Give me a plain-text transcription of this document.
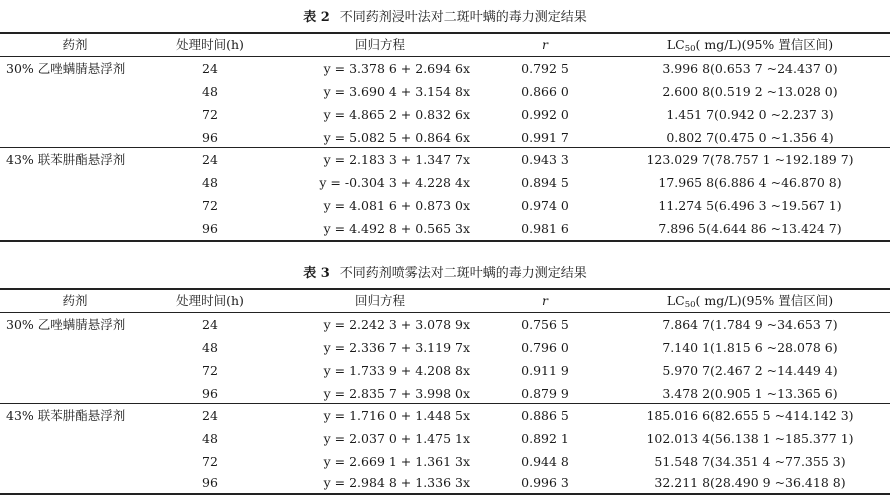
表 2 不同药剂浸叶法对二斑叶螨的毒力测定结果
药剂	处理时间(h)	回归方程	r	$LC_{50}$( mg/L)(95% 置信区间)
30% 乙唑螨腈悬浮剂	24	y = 3.378 6 + 2.694 6x	0.792 5	3.996 8(0.653 7 ~24.437 0)
48	y = 3.690 4 + 3.154 8x	0.866 0	2.600 8(0.519 2 ~13.028 0)
72	y = 4.865 2 + 0.832 6x	0.992 0	1.451 7(0.942 0 ~2.237 3)
96	y = 5.082 5 + 0.864 6x	0.991 7	0.802 7(0.475 0 ~1.356 4)
43% 联苯肼酯悬浮剂	24	y = 2.183 3 + 1.347 7x	0.943 3	123.029 7(78.757 1 ~192.189 7)
48	y = -0.304 3 + 4.228 4x	0.894 5	17.965 8(6.886 4 ~46.870 8)
72	y = 4.081 6 + 0.873 0x	0.974 0	11.274 5(6.496 3 ~19.567 1)
96	y = 4.492 8 + 0.565 3x	0.981 6	7.896 5(4.644 86 ~13.424 7)
表 3 不同药剂喷雾法对二斑叶螨的毒力测定结果
药剂	处理时间(h)	回归方程	r	$LC_{50}$( mg/L)(95% 置信区间)
30% 乙唑螨腈悬浮剂	24	y = 2.242 3 + 3.078 9x	0.756 5	7.864 7(1.784 9 ~34.653 7)
48	y = 2.336 7 + 3.119 7x	0.796 0	7.140 1(1.815 6 ~28.078 6)
72	y = 1.733 9 + 4.208 8x	0.911 9	5.970 7(2.467 2 ~14.449 4)
96	y = 2.835 7 + 3.998 0x	0.879 9	3.478 2(0.905 1 ~13.365 6)
43% 联苯肼酯悬浮剂	24	y = 1.716 0 + 1.448 5x	0.886 5	185.016 6(82.655 5 ~414.142 3)
48	y = 2.037 0 + 1.475 1x	0.892 1	102.013 4(56.138 1 ~185.377 1)
72	y = 2.669 1 + 1.361 3x	0.944 8	51.548 7(34.351 4 ~77.355 3)
96	y = 2.984 8 + 1.336 3x	0.996 3	32.211 8(28.490 9 ~36.418 8)
